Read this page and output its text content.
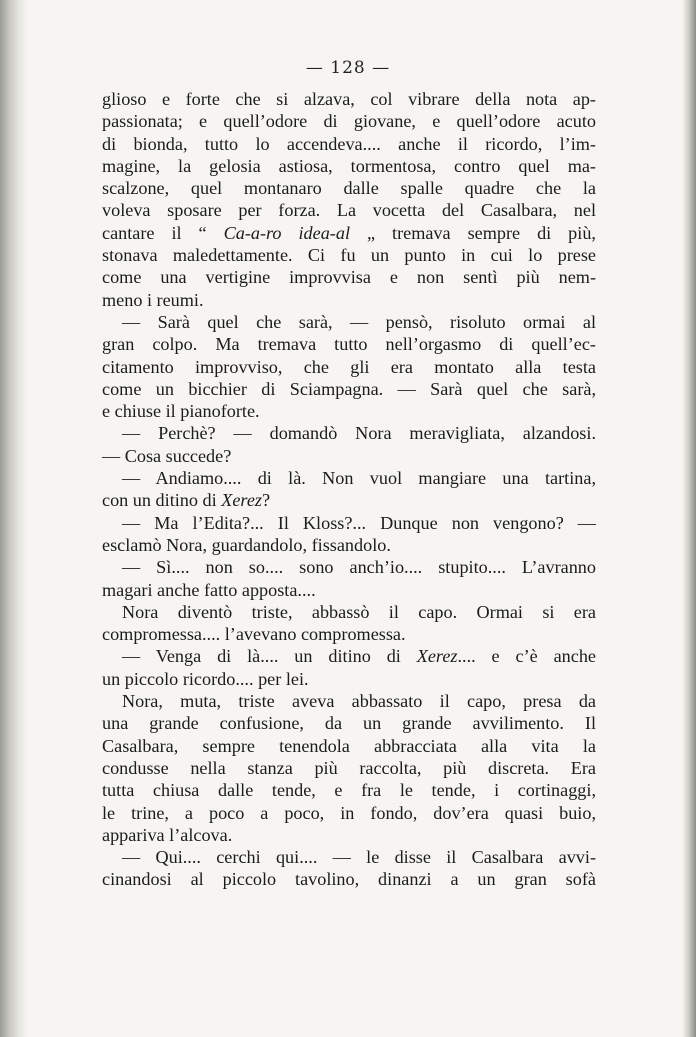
— 128 —
glioso e forte che si alzava, col vibrare della nota ap-
passionata; e quell’odore di giovane, e quell’odore acuto
di bionda, tutto lo accendeva.... anche il ricordo, l’im-
magine, la gelosia astiosa, tormentosa, contro quel ma-
scalzone, quel montanaro dalle spalle quadre che la
voleva sposare per forza. La vocetta del Casalbara, nel
cantare il “ Ca-a-ro idea-al „ tremava sempre di più,
stonava maledettamente. Ci fu un punto in cui lo prese
come una vertigine improvvisa e non sentì più nem-
meno i reumi.
— Sarà quel che sarà, — pensò, risoluto ormai al
gran colpo. Ma tremava tutto nell’orgasmo di quell’ec-
citamento improvviso, che gli era montato alla testa
come un bicchier di Sciampagna. — Sarà quel che sarà,
e chiuse il pianoforte.
— Perchè? — domandò Nora meravigliata, alzandosi.
— Cosa succede?
— Andiamo.... di là. Non vuol mangiare una tartina,
con un ditino di Xerez?
— Ma l’Edita?... Il Kloss?... Dunque non vengono? —
esclamò Nora, guardandolo, fissandolo.
— Sì.... non so.... sono anch’io.... stupito.... L’avranno
magari anche fatto apposta....
Nora diventò triste, abbassò il capo. Ormai si era
compromessa.... l’avevano compromessa.
— Venga di là.... un ditino di Xerez.... e c’è anche
un piccolo ricordo.... per lei.
Nora, muta, triste aveva abbassato il capo, presa da
una grande confusione, da un grande avvilimento. Il
Casalbara, sempre tenendola abbracciata alla vita la
condusse nella stanza più raccolta, più discreta. Era
tutta chiusa dalle tende, e fra le tende, i cortinaggi,
le trine, a poco a poco, in fondo, dov’era quasi buio,
appariva l’alcova.
— Qui.... cerchi qui.... — le disse il Casalbara avvi-
cinandosi al piccolo tavolino, dinanzi a un gran sofà
